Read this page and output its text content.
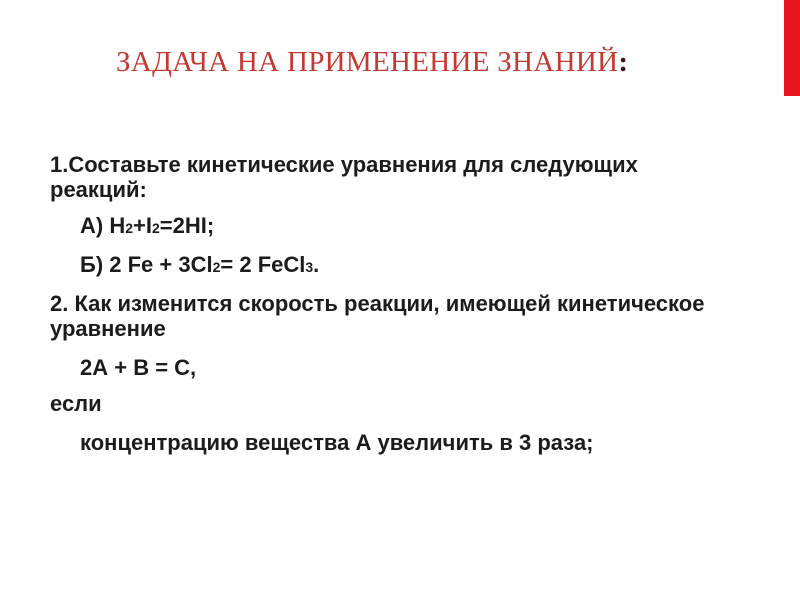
ЗАДАЧА НА ПРИМЕНЕНИЕ ЗНАНИЙ:

1.Составьте кинетические уравнения для следующих реакций:

А) H2+I2=2HI;

Б) 2 Fe + 3Cl2= 2 FeCl3.

2. Как изменится скорость реакции, имеющей кинетическое уравнение

2А + В = С,

если

концентрацию вещества А увеличить в 3 раза;
